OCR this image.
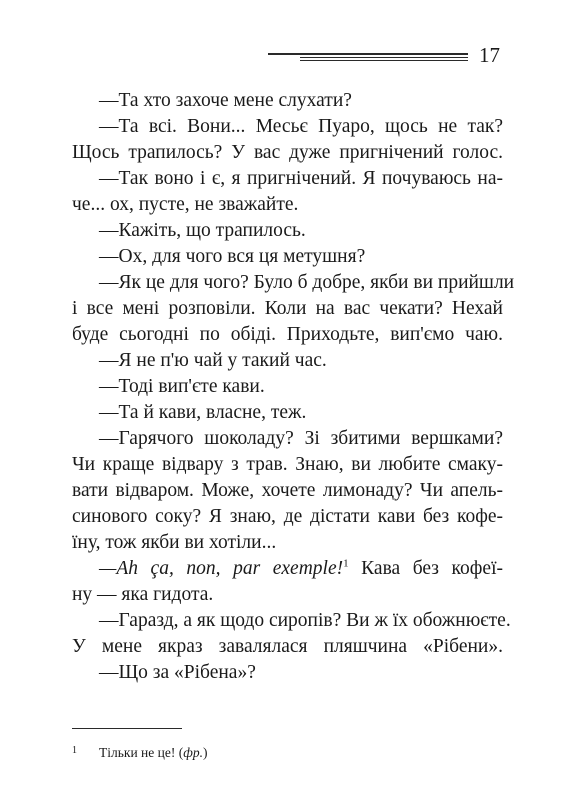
17
—Та хто захоче мене слухати?
—Та всі. Вони... Месьє Пуаро, щось не так?
Щось трапилось? У вас дуже пригнічений голос.
—Так воно і є, я пригнічений. Я почуваюсь на-
че... ох, пусте, не зважайте.
—Кажіть, що трапилось.
—Ох, для чого вся ця метушня?
—Як це для чого? Було б добре, якби ви прийшли
і все мені розповіли. Коли на вас чекати? Нехай
буде сьогодні по обіді. Приходьте, вип'ємо чаю.
—Я не п'ю чай у такий час.
—Тоді вип'єте кави.
—Та й кави, власне, теж.
—Гарячого шоколаду? Зі збитими вершками?
Чи краще відвару з трав. Знаю, ви любите смаку-
вати відваром. Може, хочете лимонаду? Чи апель-
синового соку? Я знаю, де дістати кави без кофе-
їну, тож якби ви хотіли...
—Ah ça, non, par exemple!$^1$ Кава без кофеї-
ну — яка гидота.
—Гаразд, а як щодо сиропів? Ви ж їх обожнюєте.
У мене якраз завалялася пляшчина «Рібени».
—Що за «Рібена»?
1 Тільки не це! (фр.)
